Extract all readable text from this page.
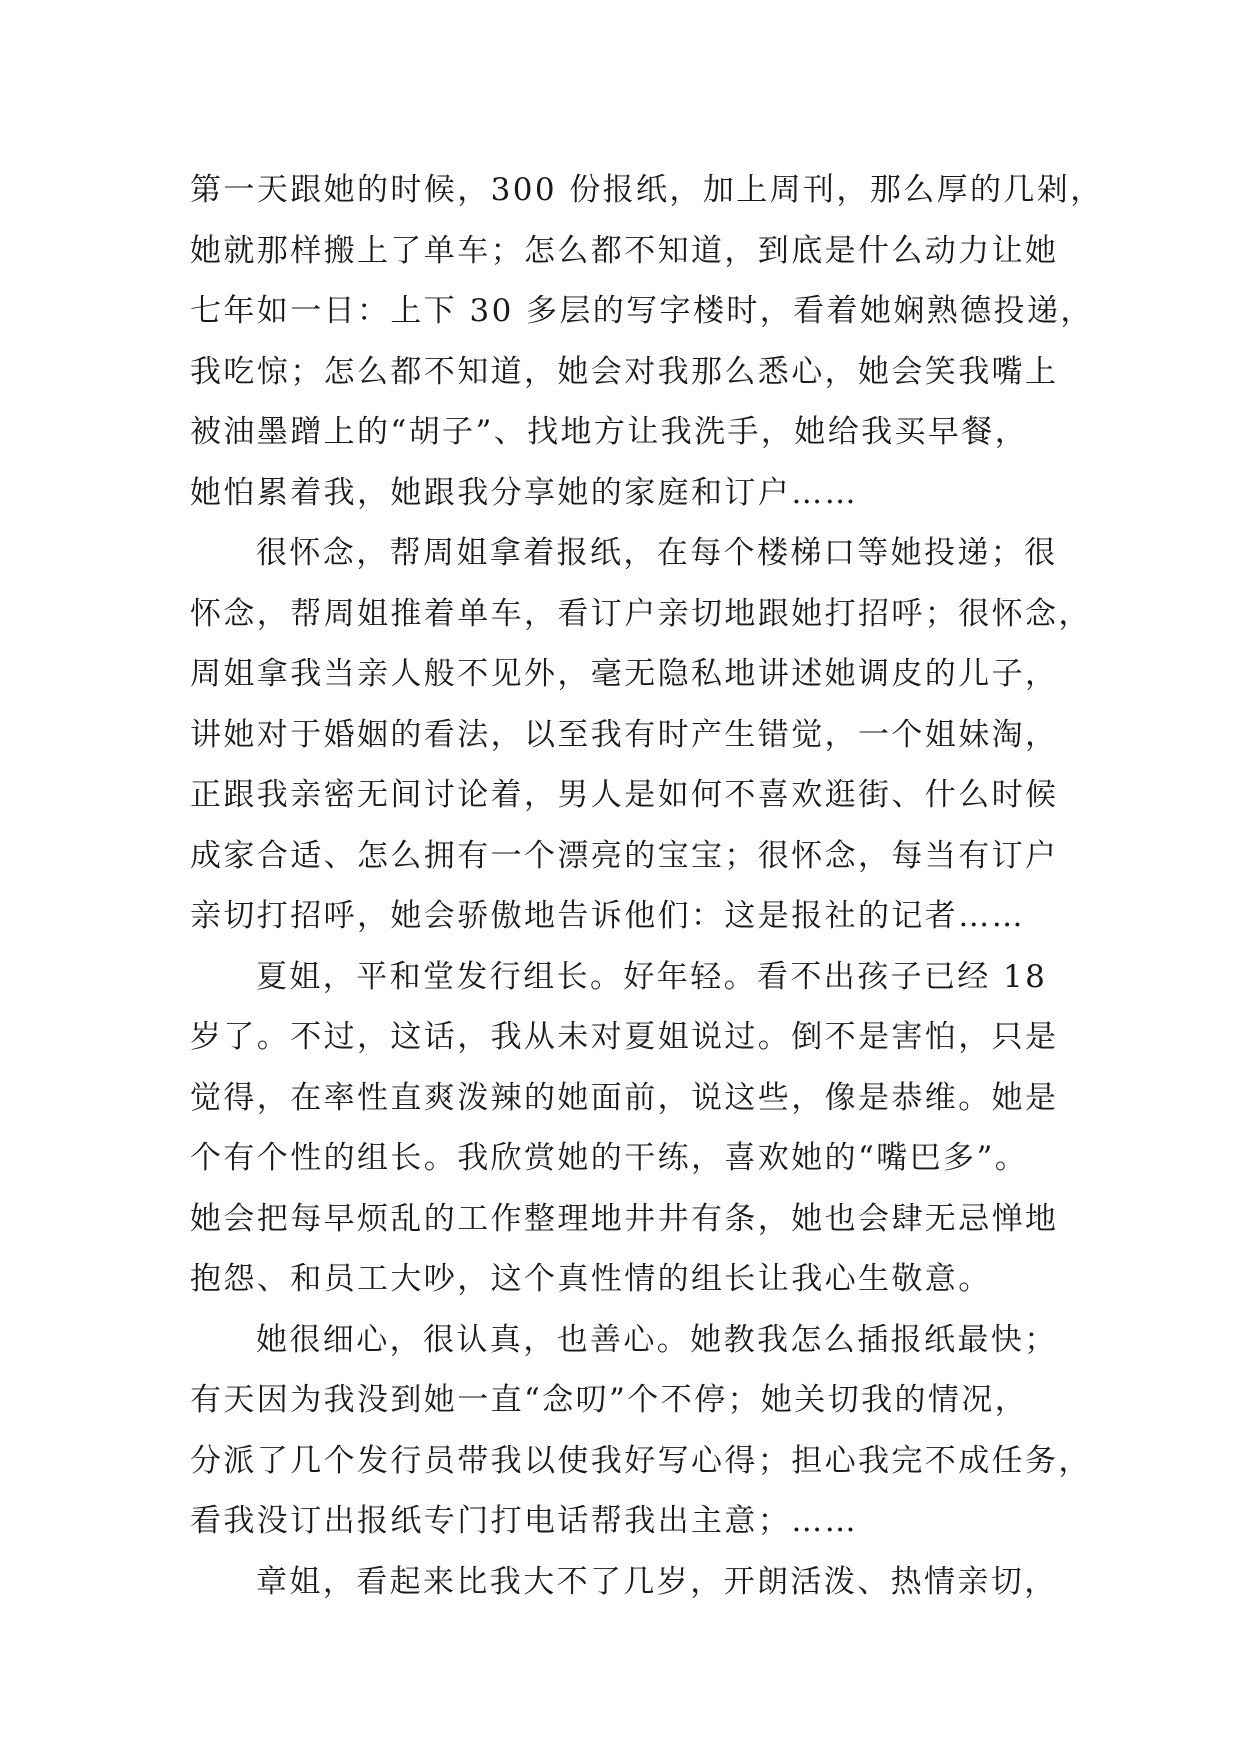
第一天跟她的时候，300 份报纸，加上周刊，那么厚的几剁，
她就那样搬上了单车；怎么都不知道，到底是什么动力让她
七年如一日：上下 30 多层的写字楼时，看着她娴熟德投递，
我吃惊；怎么都不知道，她会对我那么悉心，她会笑我嘴上
被油墨蹭上的“胡子”、找地方让我洗手，她给我买早餐，
她怕累着我，她跟我分享她的家庭和订户……
很怀念，帮周姐拿着报纸，在每个楼梯口等她投递；很
怀念，帮周姐推着单车，看订户亲切地跟她打招呼；很怀念，
周姐拿我当亲人般不见外，毫无隐私地讲述她调皮的儿子，
讲她对于婚姻的看法，以至我有时产生错觉，一个姐妹淘，
正跟我亲密无间讨论着，男人是如何不喜欢逛街、什么时候
成家合适、怎么拥有一个漂亮的宝宝；很怀念，每当有订户
亲切打招呼，她会骄傲地告诉他们：这是报社的记者……
夏姐，平和堂发行组长。好年轻。看不出孩子已经 18
岁了。不过，这话，我从未对夏姐说过。倒不是害怕，只是
觉得，在率性直爽泼辣的她面前，说这些，像是恭维。她是
个有个性的组长。我欣赏她的干练，喜欢她的“嘴巴多”。
她会把每早烦乱的工作整理地井井有条，她也会肆无忌惮地
抱怨、和员工大吵，这个真性情的组长让我心生敬意。
她很细心，很认真，也善心。她教我怎么插报纸最快；
有天因为我没到她一直“念叨”个不停；她关切我的情况，
分派了几个发行员带我以使我好写心得；担心我完不成任务，
看我没订出报纸专门打电话帮我出主意；……
章姐，看起来比我大不了几岁，开朗活泼、热情亲切，
